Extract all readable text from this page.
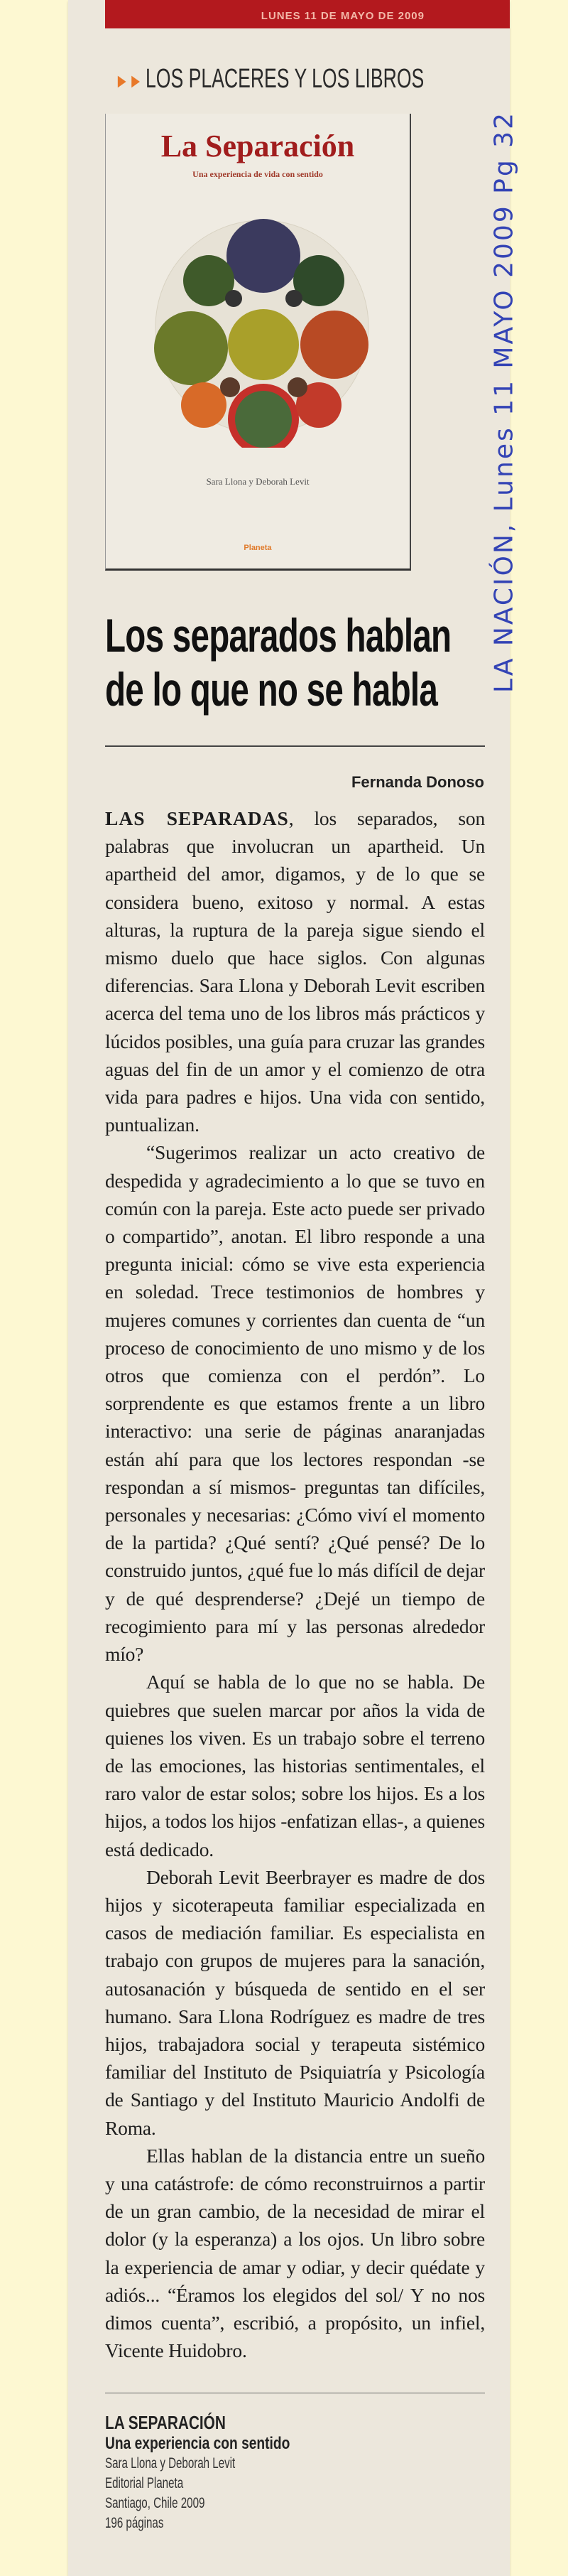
LUNES 11 DE MAYO DE 2009
►► LOS PLACERES Y LOS LIBROS
La Separación
Una experiencia de vida con sentido
Sara Llona y Deborah Levit
Planeta
Los separados hablan
de lo que no se habla
Fernanda Donoso

LAS SEPARADAS, los separados, son palabras que involucran un apartheid. Un apartheid del amor, digamos, y de lo que se considera bueno, exitoso y normal. A estas alturas, la ruptura de la pareja sigue siendo el mismo duelo que hace siglos. Con algunas diferencias. Sara Llona y Deborah Levit escriben acerca del tema uno de los libros más prácticos y lúcidos posibles, una guía para cruzar las grandes aguas del fin de un amor y el comienzo de otra vida para padres e hijos. Una vida con sentido, puntualizan.

“Sugerimos realizar un acto creativo de despedida y agradecimiento a lo que se tuvo en común con la pareja. Este acto puede ser privado o compartido”, anotan. El libro responde a una pregunta inicial: cómo se vive esta experiencia en soledad. Trece testimonios de hombres y mujeres comunes y corrientes dan cuenta de “un proceso de conocimiento de uno mismo y de los otros que comienza con el perdón”. Lo sorprendente es que estamos frente a un libro interactivo: una serie de páginas anaranjadas están ahí para que los lectores respondan -se respondan a sí mismos- preguntas tan difíciles, personales y necesarias: ¿Cómo viví el momento de la partida? ¿Qué sentí? ¿Qué pensé? De lo construido juntos, ¿qué fue lo más difícil de dejar y de qué desprenderse? ¿Dejé un tiempo de recogimiento para mí y las personas alrededor mío?

Aquí se habla de lo que no se habla. De quiebres que suelen marcar por años la vida de quienes los viven. Es un trabajo sobre el terreno de las emociones, las historias sentimentales, el raro valor de estar solos; sobre los hijos. Es a los hijos, a todos los hijos -enfatizan ellas-, a quienes está dedicado.

Deborah Levit Beerbrayer es madre de dos hijos y sicoterapeuta familiar especializada en casos de mediación familiar. Es especialista en trabajo con grupos de mujeres para la sanación, autosanación y búsqueda de sentido en el ser humano. Sara Llona Rodríguez es madre de tres hijos, trabajadora social y terapeuta sistémico familiar del Instituto de Psiquiatría y Psicología de Santiago y del Instituto Mauricio Andolfi de Roma.

Ellas hablan de la distancia entre un sueño y una catástrofe: de cómo reconstruirnos a partir de un gran cambio, de la necesidad de mirar el dolor (y la esperanza) a los ojos. Un libro sobre la experiencia de amar y odiar, y decir quédate y adiós... “Éramos los elegidos del sol/ Y no nos dimos cuenta”, escribió, a propósito, un infiel, Vicente Huidobro.

LA SEPARACIÓN
Una experiencia con sentido
Sara Llona y Deborah Levit
Editorial Planeta
Santiago, Chile 2009
196 páginas
LA NACIÓN, Lunes 11 MAYO 2009 Pg 32
